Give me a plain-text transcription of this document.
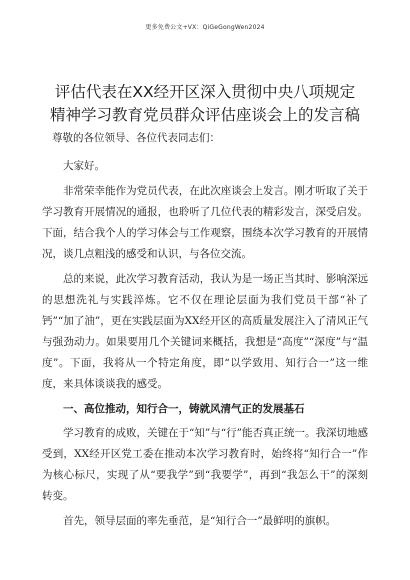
更多免费公文+VX：QiGeGongWen2024
评估代表在XX经开区深入贯彻中央八项规定
精神学习教育党员群众评估座谈会上的发言稿
尊敬的各位领导、各位代表同志们：

大家好。

非常荣幸能作为党员代表，在此次座谈会上发言。刚才听取了关于学习教育开展情况的通报，也聆听了几位代表的精彩发言，深受启发。下面，结合我个人的学习体会与工作观察，围绕本次学习教育的开展情况，谈几点粗浅的感受和认识，与各位交流。

总的来说，此次学习教育活动，我认为是一场正当其时、影响深远的思想洗礼与实践淬炼。它不仅在理论层面为我们党员干部“补了钙”“加了油”，更在实践层面为XX经开区的高质量发展注入了清风正气与强劲动力。如果要用几个关键词来概括，我想是“高度”“深度”与“温度”。下面，我将从一个特定角度，即“以学致用、知行合一”这一维度，来具体谈谈我的感受。

一、高位推动，知行合一，铸就风清气正的发展基石

学习教育的成败，关键在于“知”与“行”能否真正统一。我深切地感受到，XX经开区党工委在推动本次学习教育时，始终将“知行合一”作为核心标尺，实现了从“要我学”到“我要学”，再到“我怎么干”的深刻转变。

首先，领导层面的率先垂范，是“知行合一”最鲜明的旗帜。
